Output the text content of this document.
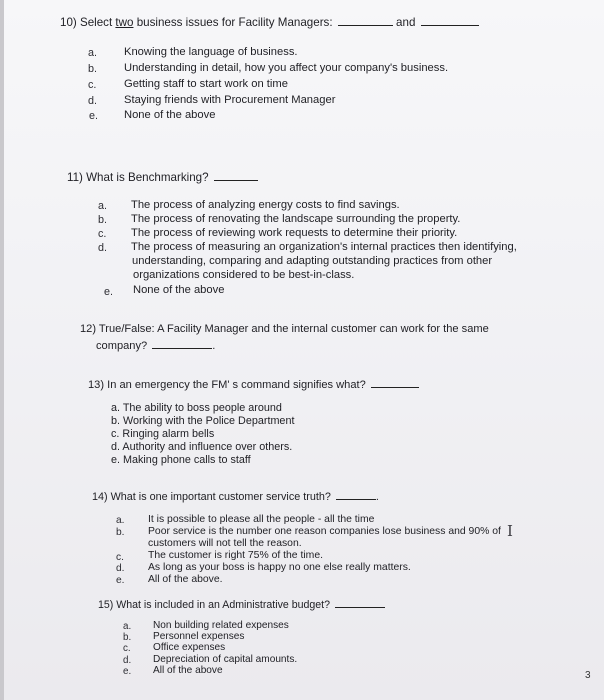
10) Select two business issues for Facility Managers:	and
a. Knowing the language of business.
b. Understanding in detail, how you affect your company's business.
c. Getting staff to start work on time
d. Staying friends with Procurement Manager
e. None of the above
11) What is Benchmarking?
a. The process of analyzing energy costs to find savings.
b. The process of renovating the landscape surrounding the property.
c. The process of reviewing work requests to determine their priority.
d. The process of measuring an organization's internal practices then identifying,
understanding, comparing and adapting outstanding practices from other
organizations considered to be best-in-class.
e. None of the above
12) True/False: A Facility Manager and the internal customer can work for the same
company?	.
13) In an emergency the FM' s command signifies what?
a. The ability to boss people around
b. Working with the Police Department
c. Ringing alarm bells
d. Authority and influence over others.
e. Making phone calls to staff
14) What is one important customer service truth?	.
a. It is possible to please all the people - all the time
b. Poor service is the number one reason companies lose business and 90% of
customers will not tell the reason.
c. The customer is right 75% of the time.
d. As long as your boss is happy no one else really matters.
e. All of the above.
I
15) What is included in an Administrative budget?
a. Non building related expenses
b. Personnel expenses
c. Office expenses
d. Depreciation of capital amounts.
e. All of the above	3
